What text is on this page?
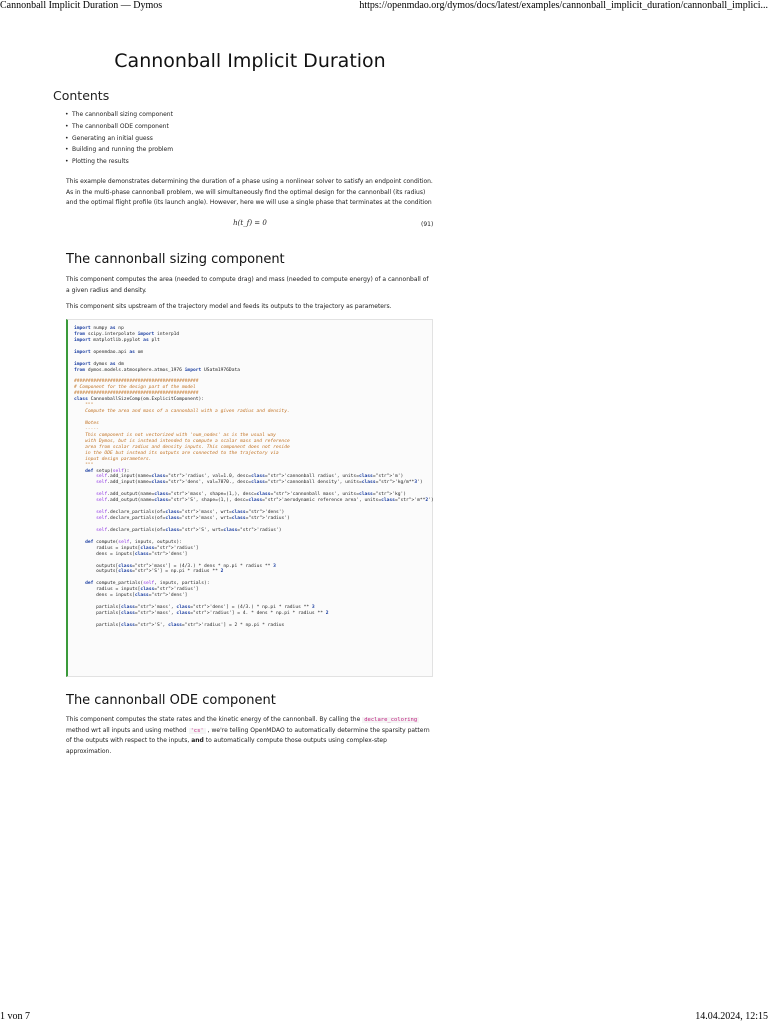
Cannonball Implicit Duration — Dymos	https://openmdao.org/dymos/docs/latest/examples/cannonball_implicit_duration/cannonball_implici...
Cannonball Implicit Duration
Contents
• The cannonball sizing component
• The cannonball ODE component
• Generating an initial guess
• Building and running the problem
• Plotting the results

This example demonstrates determining the duration of a phase using a nonlinear solver to satisfy an endpoint condition. As in the multi-phase cannonball problem, we will simultaneously find the optimal design for the cannonball (its radius) and the optimal flight profile (its launch angle). However, here we will use a single phase that terminates at the condition

h(t_f) = 0	(91)
The cannonball sizing component

This component computes the area (needed to compute drag) and mass (needed to compute energy) of a cannonball of a given radius and density.

This component sits upstream of the trajectory model and feeds its outputs to the trajectory as parameters.

import numpy as np
from scipy.interpolate import interp1d
import matplotlib.pyplot as plt

import openmdao.api as om

import dymos as dm
from dymos.models.atmosphere.atmos_1976 import USatm1976Data

#############################################
# Component for the design part of the model
#############################################
class CannonballSizeComp(om.ExplicitComponent):
"""
Compute the area and mass of a cannonball with a given radius and density.
Notes
-----
This component is not vectorized with 'num_nodes' as is the usual way
with Dymos, but is instead intended to compute a scalar mass and reference
area from scalar radius and density inputs. This component does not reside
in the ODE but instead its outputs are connected to the trajectory via
input design parameters.
"""
def setup(self):
self.add_input(name=class="str">'radius', val=1.0, desc=class="str">'cannonball radius', units=class="str">'m')
self.add_input(name=class="str">'dens', val=7870., desc=class="str">'cannonball density', units=class="str">'kg/m**3')

self.add_output(name=class="str">'mass', shape=(1,), desc=class="str">'cannonball mass', units=class="str">'kg')
self.add_output(name=class="str">'S', shape=(1,), desc=class="str">'aerodynamic reference area', units=class="str">'m**2')

self.declare_partials(of=class="str">'mass', wrt=class="str">'dens')
self.declare_partials(of=class="str">'mass', wrt=class="str">'radius')

self.declare_partials(of=class="str">'S', wrt=class="str">'radius')

def compute(self, inputs, outputs):
radius = inputs[class="str">'radius']
dens = inputs[class="str">'dens']

outputs[class="str">'mass'] = (4/3.) * dens * np.pi * radius ** 3
outputs[class="str">'S'] = np.pi * radius ** 2

def compute_partials(self, inputs, partials):
radius = inputs[class="str">'radius']
dens = inputs[class="str">'dens']

partials[class="str">'mass', class="str">'dens'] = (4/3.) * np.pi * radius ** 3
partials[class="str">'mass', class="str">'radius'] = 4. * dens * np.pi * radius ** 2

partials[class="str">'S', class="str">'radius'] = 2 * np.pi * radius
The cannonball ODE component

This component computes the state rates and the kinetic energy of the cannonball. By calling the declare_coloring method wrt all inputs and using method 'cs' , we're telling OpenMDAO to automatically determine the sparsity pattern of the outputs with respect to the inputs, and to automatically compute those outputs using complex-step approximation.

1 von 7	14.04.2024, 12:15
